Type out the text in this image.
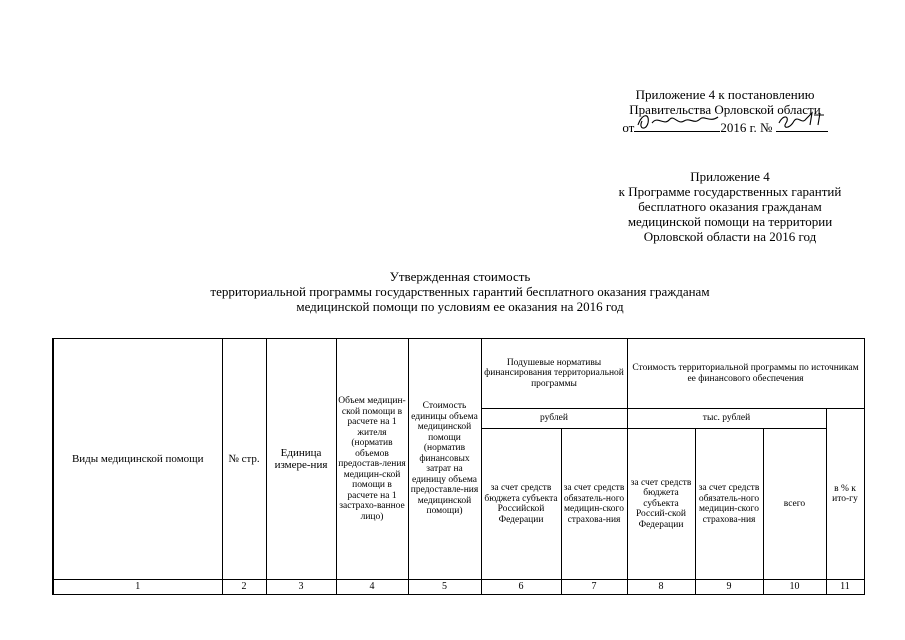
Приложение 4 к постановлению
Правительства Орловской области
от	2016 г. №
Приложение 4
к Программе государственных гарантий
бесплатного оказания гражданам
медицинской помощи на территории
Орловской области на 2016 год
Утвержденная стоимость
территориальной программы государственных гарантий бесплатного оказания гражданам
медицинской помощи по условиям ее оказания на 2016 год
Виды медицинской помощи	№ стр.	Единица измере-ния	Объем медицин-ской помощи в расчете на 1 жителя (норматив объемов предостав-ления медицин-ской помощи в расчете на 1 застрахо-ванное лицо)	Стоимость единицы объема медицинской помощи (норматив финансовых затрат на единицу объема предоставле-ния медицинской помощи)	Подушевые нормативы финансирования территориальной программы		Стоимость территориальной программы по источникам ее финансового обеспечения			
					рублей		тыс. рублей			в % к ито-гу
					за счет средств бюджета субъекта Российской Федерации	за счет средств обязатель-ного медицин-ского страхова-ния	за счет средств бюджета субъекта Россий-ской Федерации	за счет средств обязатель-ного медицин-ского страхова-ния	всего	
1	2	3	4	5	6	7	8	9	10	11
